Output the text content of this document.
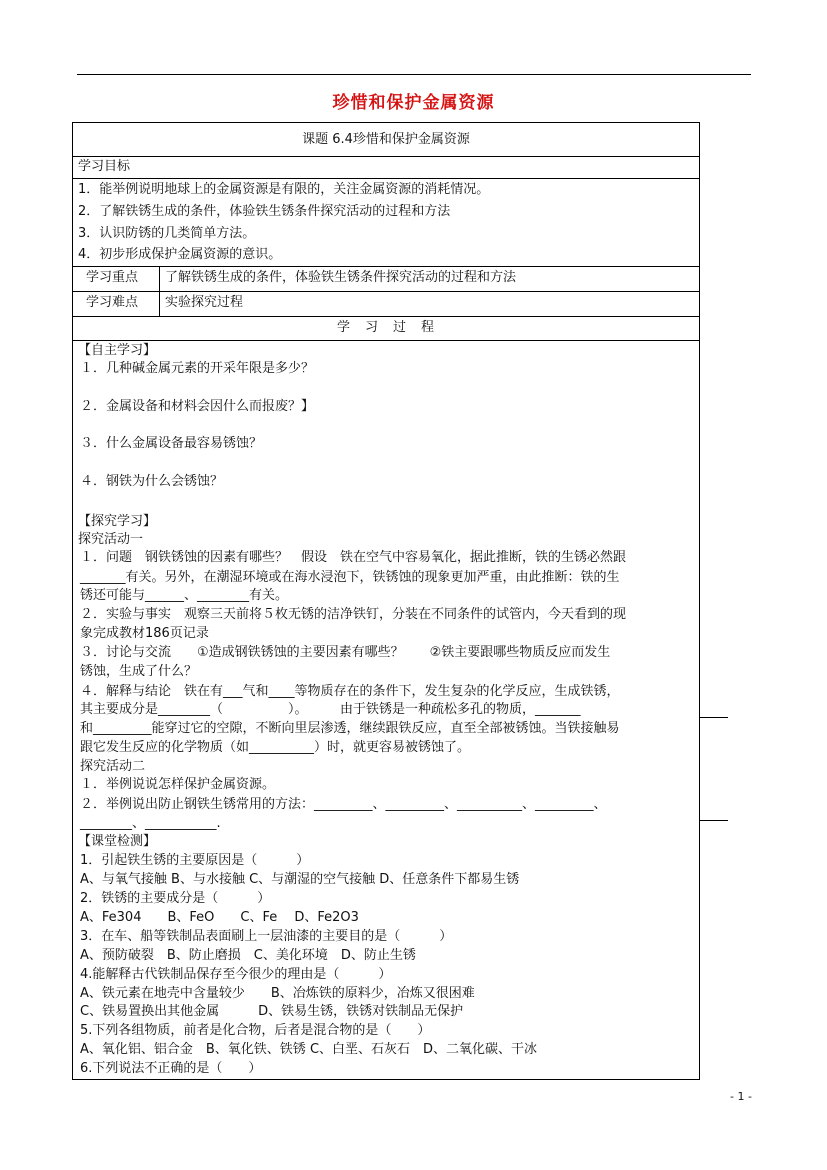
珍惜和保护金属资源
课题 6.4珍惜和保护金属资源
学习目标
1．能举例说明地球上的金属资源是有限的，关注金属资源的消耗情况。
2．了解铁锈生成的条件，体验铁生锈条件探究活动的过程和方法
3．认识防锈的几类简单方法。
4．初步形成保护金属资源的意识。
学习重点 了解铁锈生成的条件，体验铁生锈条件探究活动的过程和方法
学习难点 实验探究过程
学　习　过　程
【自主学习】
１．几种碱金属元素的开采年限是多少？
２．金属设备和材料会因什么而报废？】
３．什么金属设备最容易锈蚀？
４．钢铁为什么会锈蚀？
【探究学习】
探究活动一
１．问题　钢铁锈蚀的因素有哪些？　假设　铁在空气中容易氧化，据此推断，铁的生锈必然跟
_______有关。另外，在潮湿环境或在海水浸泡下，铁锈蚀的现象更加严重，由此推断：铁的生
锈还可能与______、________有关。
２．实验与事实　观察三天前将５枚无锈的洁净铁钉，分装在不同条件的试管内，今天看到的现
象完成教材186页记录
３．讨论与交流　　①造成钢铁锈蚀的主要因素有哪些？　　②铁主要跟哪些物质反应而发生
锈蚀，生成了什么？
４．解释与结论　铁在有___气和____等物质存在的条件下，发生复杂的化学反应，生成铁锈，
其主要成分是________（　　　　　）。　　　由于铁锈是一种疏松多孔的物质，_______
和_________能穿过它的空隙，不断向里层渗透，继续跟铁反应，直至全部被锈蚀。当铁接触易
跟它发生反应的化学物质（如__________）时，就更容易被锈蚀了。
探究活动二
１．举例说说怎样保护金属资源。
２．举例说出防止钢铁生锈常用的方法：_________、_________、__________、_________、
________、___________.
【课堂检测】
1．引起铁生锈的主要原因是（　　　）
A、与氧气接触 B、与水接触 C、与潮湿的空气接触 D、任意条件下都易生锈
2．铁锈的主要成分是（　　　）
A、Fe304　　B、FeO　　C、Fe　 D、Fe2O3
3．在车、船等铁制品表面刷上一层油漆的主要目的是（　　　）
A、预防破裂　B、防止磨损　C、美化环境　D、防止生锈
4.能解释古代铁制品保存至今很少的理由是（　　　）
A、铁元素在地壳中含量较少　　B、冶炼铁的原料少，冶炼又很困难
C、铁易置换出其他金属　　　D、铁易生锈，铁锈对铁制品无保护
5.下列各组物质，前者是化合物，后者是混合物的是（　　）
A、氧化铝、铝合金　B、氧化铁、铁锈 C、白垩、石灰石　D、二氧化碳、干冰
6.下列说法不正确的是（　　）
- 1 -
